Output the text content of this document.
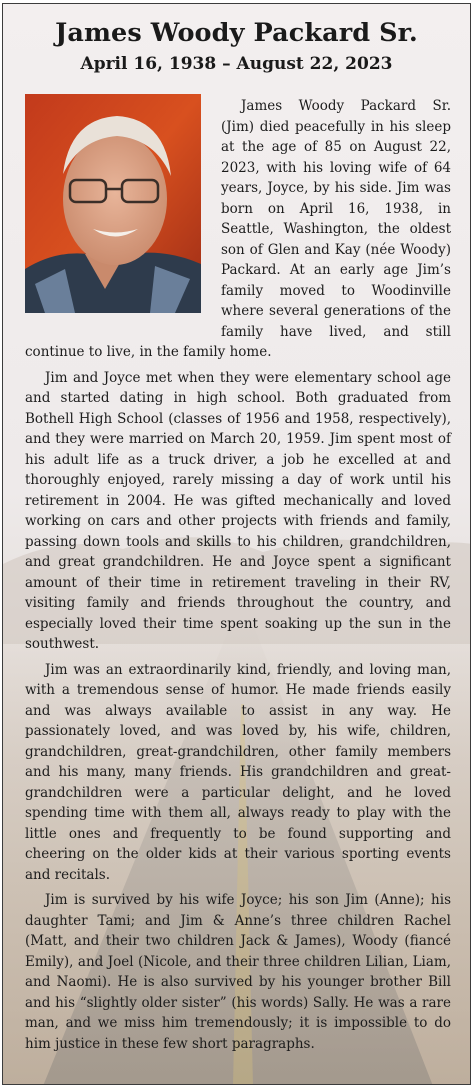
James Woody Packard Sr.
April 16, 1938 – August 22, 2023

James Woody Packard Sr. (Jim) died peacefully in his sleep at the age of 85 on August 22, 2023, with his loving wife of 64 years, Joyce, by his side. Jim was born on April 16, 1938, in Seattle, Washington, the oldest son of Glen and Kay (née Woody) Packard. At an early age Jim’s family moved to Woodinville where several generations of the family have lived, and still continue to live, in the family home.

Jim and Joyce met when they were elementary school age and started dating in high school. Both graduated from Bothell High School (classes of 1956 and 1958, respectively), and they were married on March 20, 1959. Jim spent most of his adult life as a truck driver, a job he excelled at and thoroughly enjoyed, rarely missing a day of work until his retirement in 2004. He was gifted mechanically and loved working on cars and other projects with friends and family, passing down tools and skills to his children, grandchildren, and great grandchildren. He and Joyce spent a significant amount of their time in retirement traveling in their RV, visiting family and friends throughout the country, and especially loved their time spent soaking up the sun in the southwest.

Jim was an extraordinarily kind, friendly, and loving man, with a tremendous sense of humor. He made friends easily and was always available to assist in any way. He passionately loved, and was loved by, his wife, children, grandchildren, great-grandchildren, other family members and his many, many friends. His grandchildren and great-grandchildren were a particular delight, and he loved spending time with them all, always ready to play with the little ones and frequently to be found supporting and cheering on the older kids at their various sporting events and recitals.

Jim is survived by his wife Joyce; his son Jim (Anne); his daughter Tami; and Jim & Anne’s three children Rachel (Matt, and their two children Jack & James), Woody (fiancé Emily), and Joel (Nicole, and their three children Lilian, Liam, and Naomi). He is also survived by his younger brother Bill and his “slightly older sister” (his words) Sally. He was a rare man, and we miss him tremendously; it is impossible to do him justice in these few short paragraphs.
